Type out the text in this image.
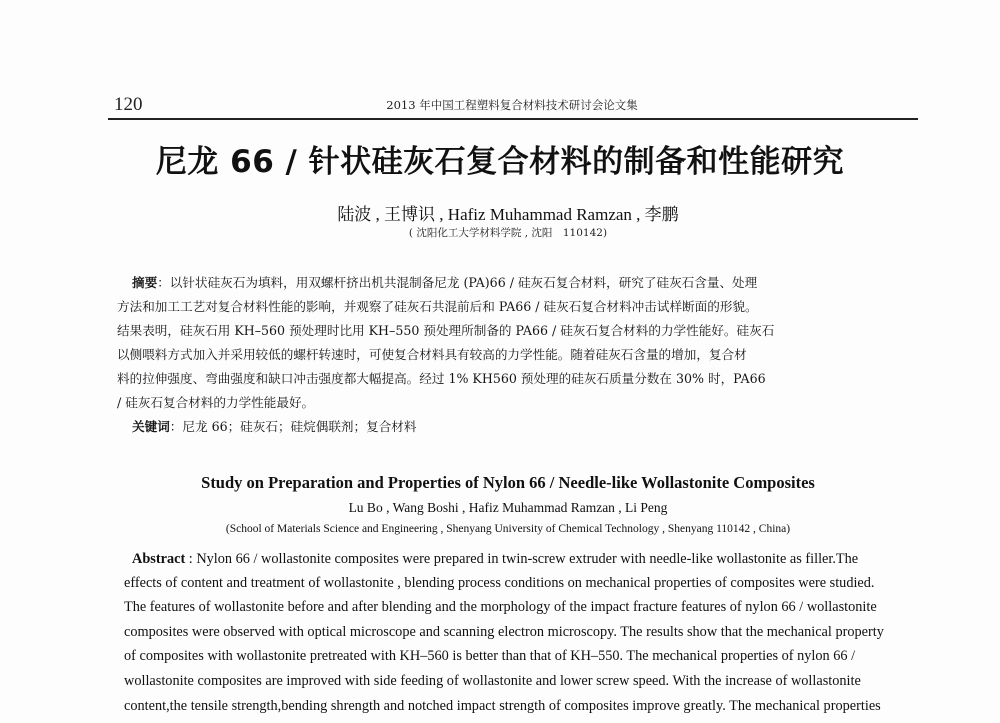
120	2013 年中国工程塑料复合材料技术研讨会论文集
尼龙 66 / 针状硅灰石复合材料的制备和性能研究
陆波 , 王博识 , Hafiz Muhammad Ramzan , 李鹏
( 沈阳化工大学材料学院 , 沈阳　110142)
摘要：以针状硅灰石为填料，用双螺杆挤出机共混制备尼龙 (PA)66 / 硅灰石复合材料，研究了硅灰石含量、处理
方法和加工工艺对复合材料性能的影响，并观察了硅灰石共混前后和 PA66 / 硅灰石复合材料冲击试样断面的形貌。
结果表明，硅灰石用 KH–560 预处理时比用 KH–550 预处理所制备的 PA66 / 硅灰石复合材料的力学性能好。硅灰石
以侧喂料方式加入并采用较低的螺杆转速时，可使复合材料具有较高的力学性能。随着硅灰石含量的增加，复合材
料的拉伸强度、弯曲强度和缺口冲击强度都大幅提高。经过 1% KH560 预处理的硅灰石质量分数在 30% 时，PA66
/ 硅灰石复合材料的力学性能最好。
关键词：尼龙 66；硅灰石；硅烷偶联剂；复合材料
Study on Preparation and Properties of Nylon 66 / Needle-like Wollastonite Composites
Lu Bo , Wang Boshi , Hafiz Muhammad Ramzan , Li Peng
(School of Materials Science and Engineering , Shenyang University of Chemical Technology , Shenyang 110142 , China)
Abstract : Nylon 66 / wollastonite composites were prepared in twin-screw extruder with needle-like wollastonite as filler.The
effects of content and treatment of wollastonite , blending process conditions on mechanical properties of composites were studied.
The features of wollastonite before and after blending and the morphology of the impact fracture features of nylon 66 / wollastonite
composites were observed with optical microscope and scanning electron microscopy. The results show that the mechanical property
of composites with wollastonite pretreated with KH–560 is better than that of KH–550. The mechanical properties of nylon 66 /
wollastonite composites are improved with side feeding of wollastonite and lower screw speed. With the increase of wollastonite
content,the tensile strength,bending shrength and notched impact strength of composites improve greatly. The mechanical properties
